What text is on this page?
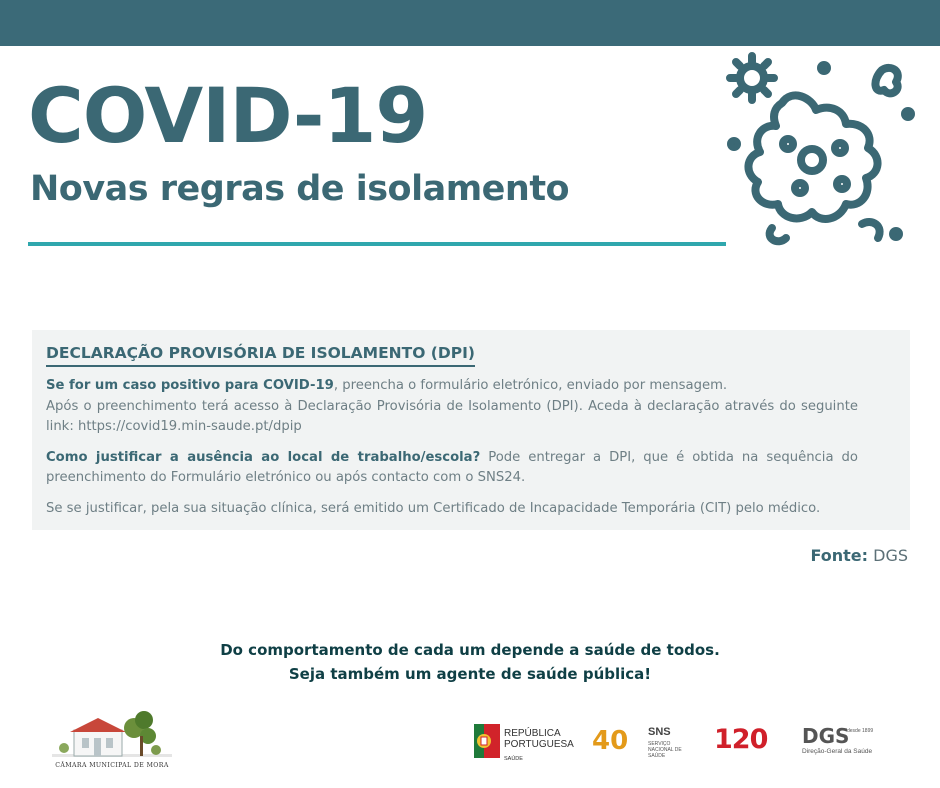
COVID-19
Novas regras de isolamento
DECLARAÇÃO PROVISÓRIA DE ISOLAMENTO (DPI)

Se for um caso positivo para COVID-19, preencha o formulário eletrónico, enviado por mensagem.
Após o preenchimento terá acesso à Declaração Provisória de Isolamento (DPI). Aceda à declaração através do seguinte link: https://covid19.min-saude.pt/dpip

Como justificar a ausência ao local de trabalho/escola? Pode entregar a DPI, que é obtida na sequência do preenchimento do Formulário eletrónico ou após contacto com o SNS24.

Se se justificar, pela sua situação clínica, será emitido um Certificado de Incapacidade Temporária (CIT) pelo médico.

Fonte: DGS
Do comportamento de cada um depende a saúde de todos.
Seja também um agente de saúde pública!
CÂMARA MUNICIPAL DE MORA
REPÚBLICA
PORTUGUESA
SAÚDE
40 SNS
SERVIÇO NACIONAL DE SAÚDE
120 DGS
desde 1899
Direção-Geral da Saúde
